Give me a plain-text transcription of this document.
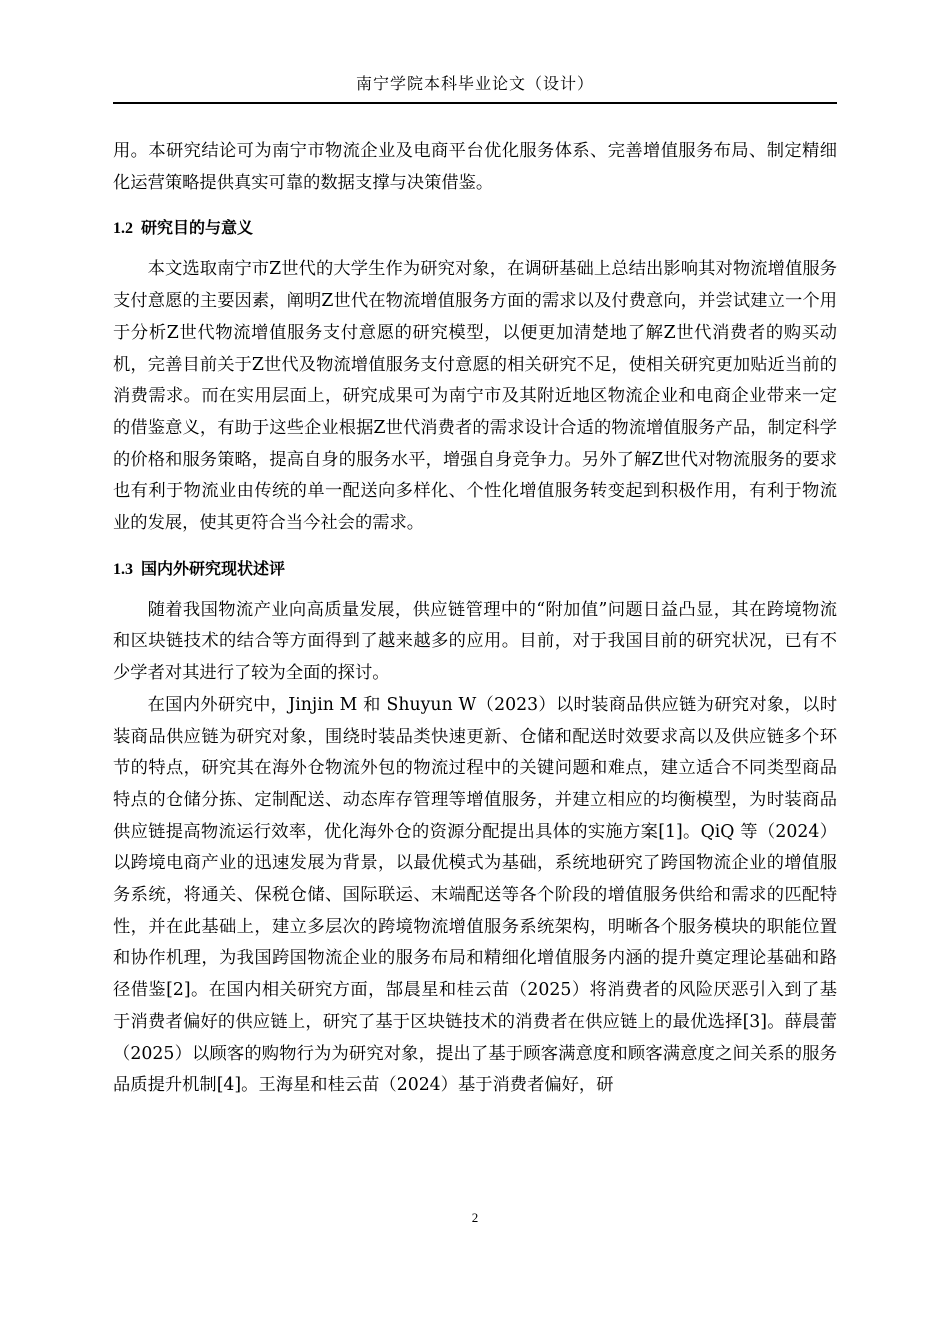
南宁学院本科毕业论文（设计）

用。本研究结论可为南宁市物流企业及电商平台优化服务体系、完善增值服务布局、制定精细化运营策略提供真实可靠的数据支撑与决策借鉴。

1.2 研究目的与意义

本文选取南宁市Z世代的大学生作为研究对象，在调研基础上总结出影响其对物流增值服务支付意愿的主要因素，阐明Z世代在物流增值服务方面的需求以及付费意向，并尝试建立一个用于分析Z世代物流增值服务支付意愿的研究模型，以便更加清楚地了解Z世代消费者的购买动机，完善目前关于Z世代及物流增值服务支付意愿的相关研究不足，使相关研究更加贴近当前的消费需求。而在实用层面上，研究成果可为南宁市及其附近地区物流企业和电商企业带来一定的借鉴意义，有助于这些企业根据Z世代消费者的需求设计合适的物流增值服务产品，制定科学的价格和服务策略，提高自身的服务水平，增强自身竞争力。另外了解Z世代对物流服务的要求也有利于物流业由传统的单一配送向多样化、个性化增值服务转变起到积极作用，有利于物流业的发展，使其更符合当今社会的需求。

1.3 国内外研究现状述评

随着我国物流产业向高质量发展，供应链管理中的“附加值”问题日益凸显，其在跨境物流和区块链技术的结合等方面得到了越来越多的应用。目前，对于我国目前的研究状况，已有不少学者对其进行了较为全面的探讨。

在国内外研究中，Jinjin M 和 Shuyun W（2023）以时装商品供应链为研究对象，以时装商品供应链为研究对象，围绕时装品类快速更新、仓储和配送时效要求高以及供应链多个环节的特点，研究其在海外仓物流外包的物流过程中的关键问题和难点，建立适合不同类型商品特点的仓储分拣、定制配送、动态库存管理等增值服务，并建立相应的均衡模型，为时装商品供应链提高物流运行效率，优化海外仓的资源分配提出具体的实施方案[1]。QiQ 等（2024）以跨境电商产业的迅速发展为背景，以最优模式为基础，系统地研究了跨国物流企业的增值服务系统，将通关、保税仓储、国际联运、末端配送等各个阶段的增值服务供给和需求的匹配特性，并在此基础上，建立多层次的跨境物流增值服务系统架构，明晰各个服务模块的职能位置和协作机理，为我国跨国物流企业的服务布局和精细化增值服务内涵的提升奠定理论基础和路径借鉴[2]。在国内相关研究方面，郜晨星和桂云苗（2025）将消费者的风险厌恶引入到了基于消费者偏好的供应链上，研究了基于区块链技术的消费者在供应链上的最优选择[3]。薛晨蕾（2025）以顾客的购物行为为研究对象，提出了基于顾客满意度和顾客满意度之间关系的服务品质提升机制[4]。王海星和桂云苗（2024）基于消费者偏好，研

2
